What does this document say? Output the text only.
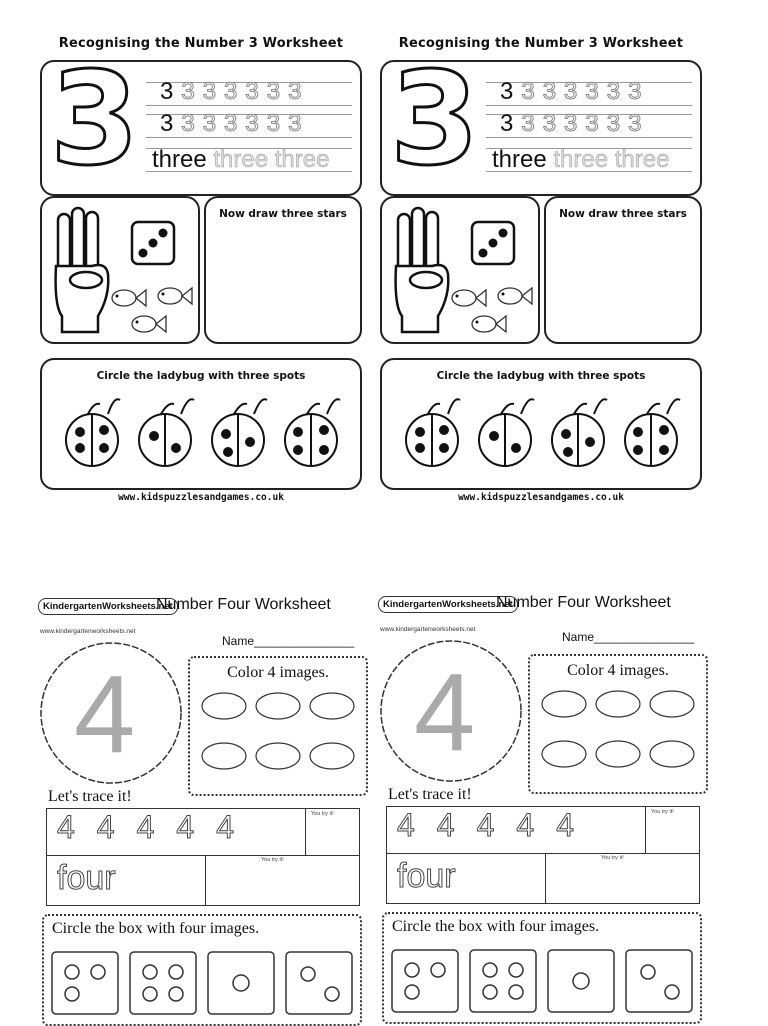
Recognising the Number 3 Worksheet
3 3333333
3333333
three three three
Now draw three stars
Circle the ladybug with three spots
www.kidspuzzlesandgames.co.uk
Recognising the Number 3 Worksheet
3 3333333
3333333
three three three
Now draw three stars
Circle the ladybug with three spots
www.kidspuzzlesandgames.co.uk
KindergartenWorksheets.net
www.kindergartenworksheets.net
Number Four Worksheet
Name_______________
4	Color 4 images.
Let's trace it!
44444	You try it!
four	You try it!
Circle the box with four images.
KindergartenWorksheets.net
www.kindergartenworksheets.net
Number Four Worksheet
Name_______________
4	Color 4 images.
Let's trace it!
44444	You try it!
four	You try it!
Circle the box with four images.
